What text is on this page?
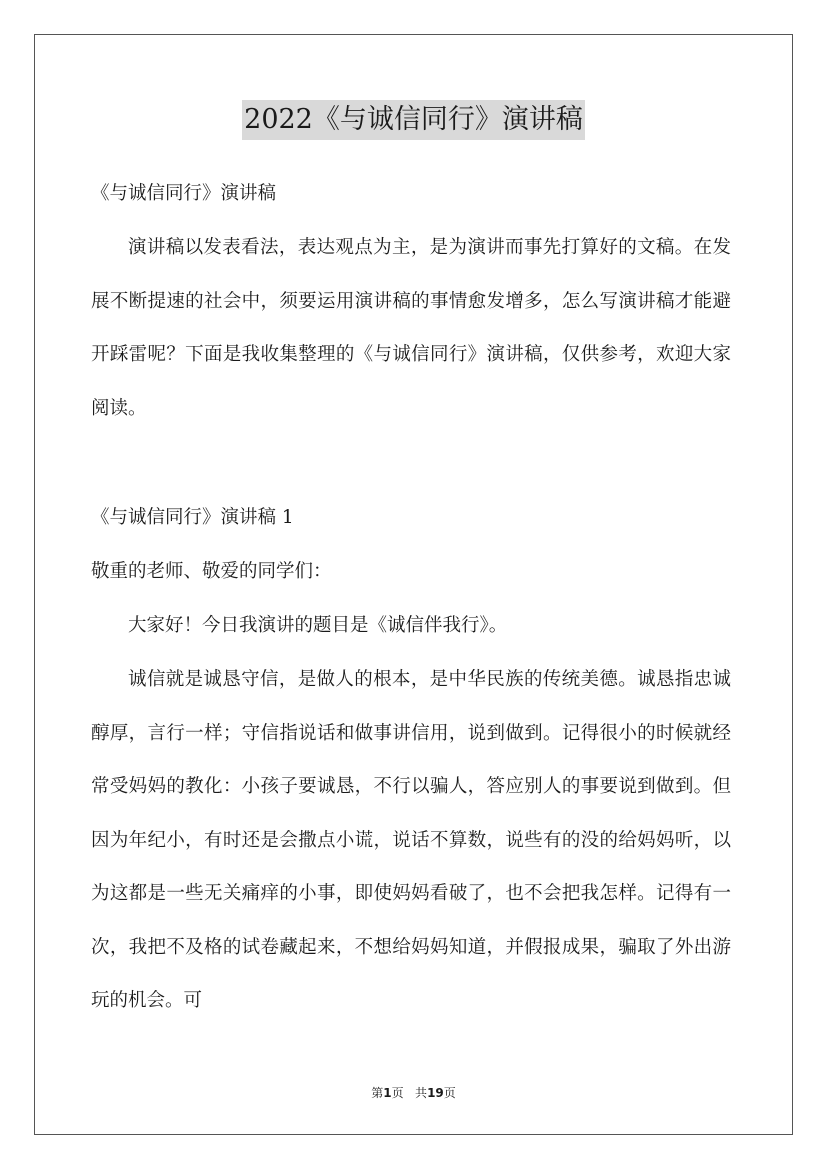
2022《与诚信同行》演讲稿

《与诚信同行》演讲稿

演讲稿以发表看法，表达观点为主，是为演讲而事先打算好的文稿。在发展不断提速的社会中，须要运用演讲稿的事情愈发增多，怎么写演讲稿才能避开踩雷呢？下面是我收集整理的《与诚信同行》演讲稿，仅供参考，欢迎大家阅读。

《与诚信同行》演讲稿 1

敬重的老师、敬爱的同学们：

大家好！今日我演讲的题目是《诚信伴我行》。

诚信就是诚恳守信，是做人的根本，是中华民族的传统美德。诚恳指忠诚醇厚，言行一样；守信指说话和做事讲信用，说到做到。记得很小的时候就经常受妈妈的教化：小孩子要诚恳，不行以骗人，答应别人的事要说到做到。但因为年纪小，有时还是会撒点小谎，说话不算数，说些有的没的给妈妈听，以为这都是一些无关痛痒的小事，即使妈妈看破了，也不会把我怎样。记得有一次，我把不及格的试卷藏起来，不想给妈妈知道，并假报成果，骗取了外出游玩的机会。可

第1页 共19页
